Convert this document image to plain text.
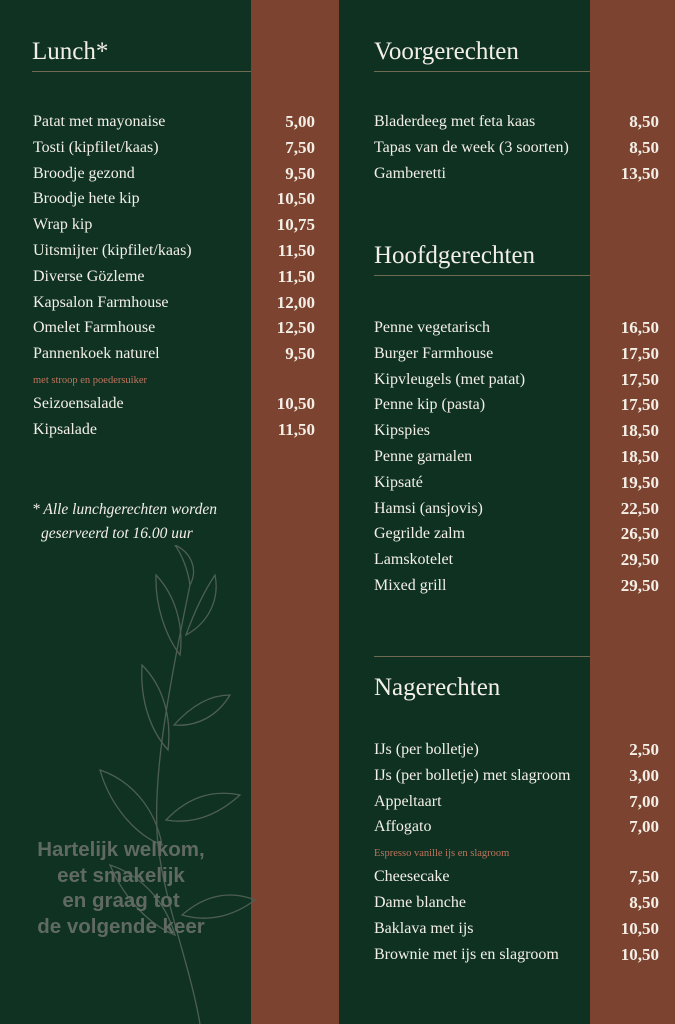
Lunch*
Patat met mayonaise	5,00
Tosti (kipfilet/kaas)	7,50
Broodje gezond	9,50
Broodje hete kip	10,50
Wrap kip	10,75
Uitsmijter (kipfilet/kaas)	11,50
Diverse Gözleme	11,50
Kapsalon Farmhouse	12,00
Omelet Farmhouse	12,50
Pannenkoek naturel	9,50
met stroop en poedersuiker
Seizoensalade	10,50
Kipsalade	11,50
* Alle lunchgerechten worden
geserveerd tot 16.00 uur
Hartelijk welkom,
eet smakelijk
en graag tot
de volgende keer
Voorgerechten
Bladerdeeg met feta kaas	8,50
Tapas van de week (3 soorten)	8,50
Gamberetti	13,50
Hoofdgerechten
Penne vegetarisch	16,50
Burger Farmhouse	17,50
Kipvleugels (met patat)	17,50
Penne kip (pasta)	17,50
Kipspies	18,50
Penne garnalen	18,50
Kipsaté	19,50
Hamsi (ansjovis)	22,50
Gegrilde zalm	26,50
Lamskotelet	29,50
Mixed grill	29,50
Nagerechten
IJs (per bolletje)	2,50
IJs (per bolletje) met slagroom	3,00
Appeltaart	7,00
Affogato	7,00
Espresso vanille ijs en slagroom
Cheesecake	7,50
Dame blanche	8,50
Baklava met ijs	10,50
Brownie met ijs en slagroom	10,50
